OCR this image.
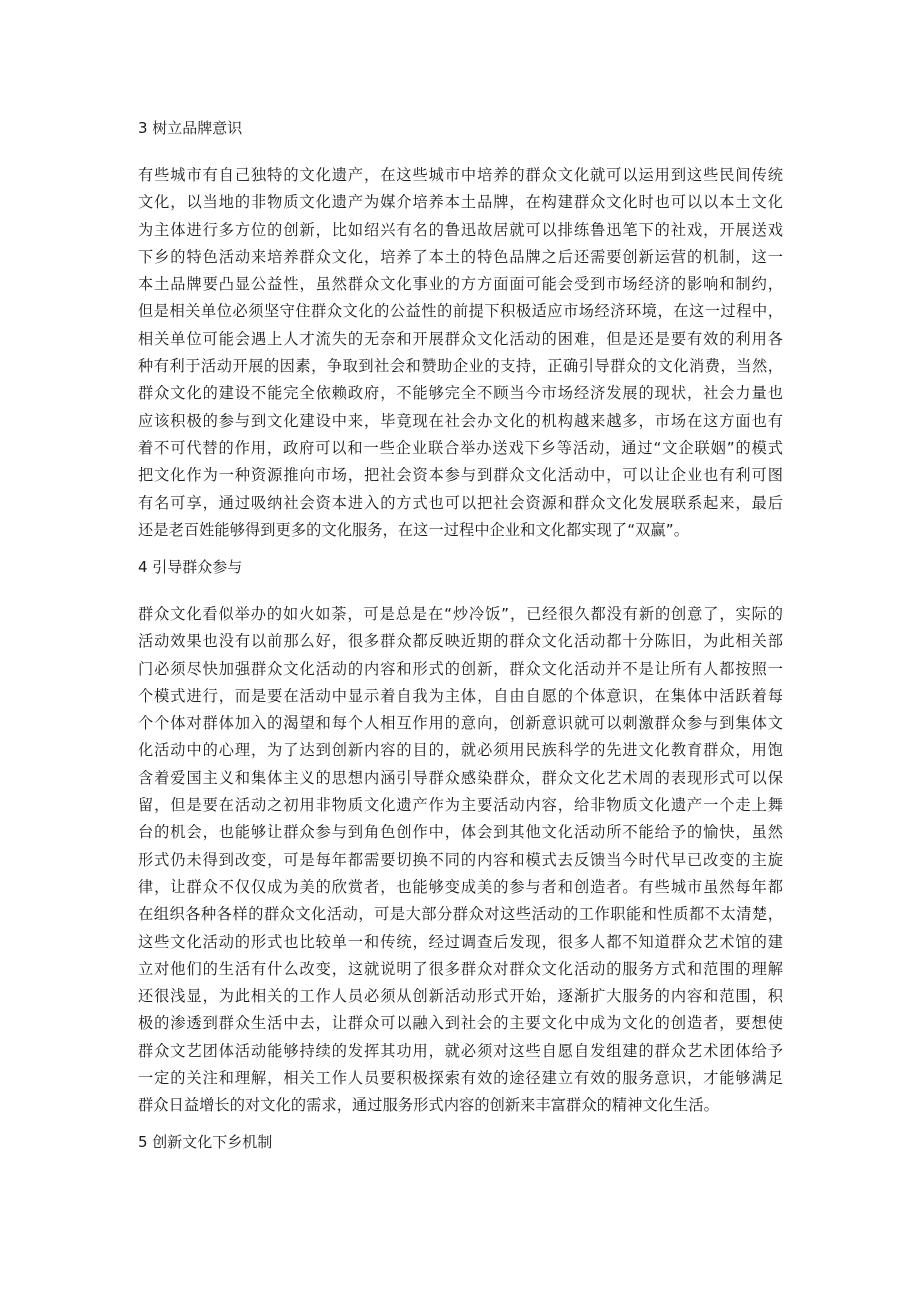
3 树立品牌意识
有些城市有自己独特的文化遗产，在这些城市中培养的群众文化就可以运用到这些民间传统
文化，以当地的非物质文化遗产为媒介培养本土品牌，在构建群众文化时也可以以本土文化
为主体进行多方位的创新，比如绍兴有名的鲁迅故居就可以排练鲁迅笔下的社戏，开展送戏
下乡的特色活动来培养群众文化，培养了本土的特色品牌之后还需要创新运营的机制，这一
本土品牌要凸显公益性，虽然群众文化事业的方方面面可能会受到市场经济的影响和制约，
但是相关单位必须坚守住群众文化的公益性的前提下积极适应市场经济环境，在这一过程中，
相关单位可能会遇上人才流失的无奈和开展群众文化活动的困难，但是还是要有效的利用各
种有利于活动开展的因素，争取到社会和赞助企业的支持，正确引导群众的文化消费，当然，
群众文化的建设不能完全依赖政府，不能够完全不顾当今市场经济发展的现状，社会力量也
应该积极的参与到文化建设中来，毕竟现在社会办文化的机构越来越多，市场在这方面也有
着不可代替的作用，政府可以和一些企业联合举办送戏下乡等活动，通过“文企联姻”的模式
把文化作为一种资源推向市场，把社会资本参与到群众文化活动中，可以让企业也有利可图
有名可享，通过吸纳社会资本进入的方式也可以把社会资源和群众文化发展联系起来，最后
还是老百姓能够得到更多的文化服务，在这一过程中企业和文化都实现了“双赢”。
4 引导群众参与
群众文化看似举办的如火如荼，可是总是在“炒冷饭”，已经很久都没有新的创意了，实际的
活动效果也没有以前那么好，很多群众都反映近期的群众文化活动都十分陈旧，为此相关部
门必须尽快加强群众文化活动的内容和形式的创新，群众文化活动并不是让所有人都按照一
个模式进行，而是要在活动中显示着自我为主体，自由自愿的个体意识，在集体中活跃着每
个个体对群体加入的渴望和每个人相互作用的意向，创新意识就可以刺激群众参与到集体文
化活动中的心理，为了达到创新内容的目的，就必须用民族科学的先进文化教育群众，用饱
含着爱国主义和集体主义的思想内涵引导群众感染群众，群众文化艺术周的表现形式可以保
留，但是要在活动之初用非物质文化遗产作为主要活动内容，给非物质文化遗产一个走上舞
台的机会，也能够让群众参与到角色创作中，体会到其他文化活动所不能给予的愉快，虽然
形式仍未得到改变，可是每年都需要切换不同的内容和模式去反馈当今时代早已改变的主旋
律，让群众不仅仅成为美的欣赏者，也能够变成美的参与者和创造者。有些城市虽然每年都
在组织各种各样的群众文化活动，可是大部分群众对这些活动的工作职能和性质都不太清楚，
这些文化活动的形式也比较单一和传统，经过调查后发现，很多人都不知道群众艺术馆的建
立对他们的生活有什么改变，这就说明了很多群众对群众文化活动的服务方式和范围的理解
还很浅显，为此相关的工作人员必须从创新活动形式开始，逐渐扩大服务的内容和范围，积
极的渗透到群众生活中去，让群众可以融入到社会的主要文化中成为文化的创造者，要想使
群众文艺团体活动能够持续的发挥其功用，就必须对这些自愿自发组建的群众艺术团体给予
一定的关注和理解，相关工作人员要积极探索有效的途径建立有效的服务意识，才能够满足
群众日益增长的对文化的需求，通过服务形式内容的创新来丰富群众的精神文化生活。
5 创新文化下乡机制
